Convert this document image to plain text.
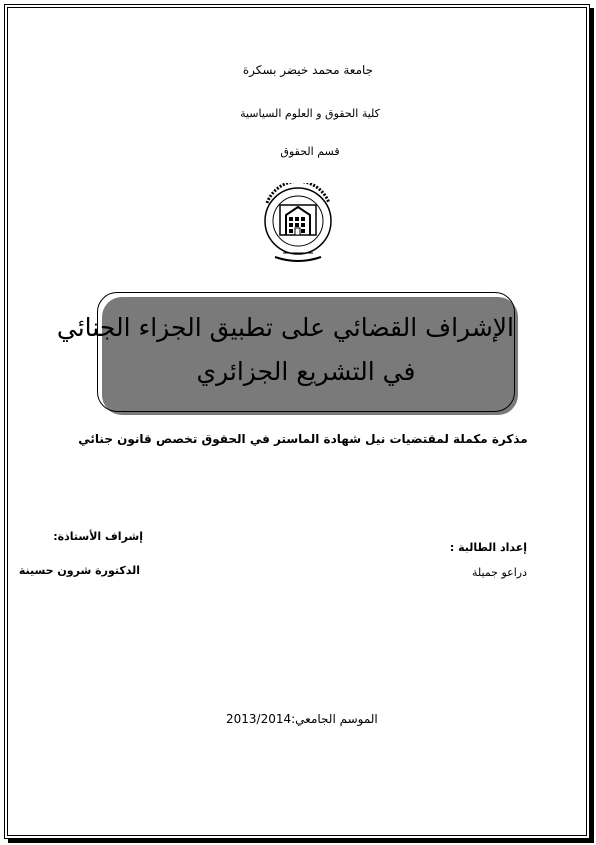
جامعة محمد خيضر بسكرة
كلية الحقوق و العلوم السياسية
قسم الحقوق
الإشراف القضائي على تطبيق الجزاء الجنائي
في التشريع الجزائري
مذكرة مكملة لمقتضيات نيل شهادة الماستر في الحقوق تخصص قانون جنائي
إشراف الأستاذة:
الدكتورة شرون حسينة
إعداد الطالبة :
دراعو جميلة
الموسم الجامعي:2013/2014
